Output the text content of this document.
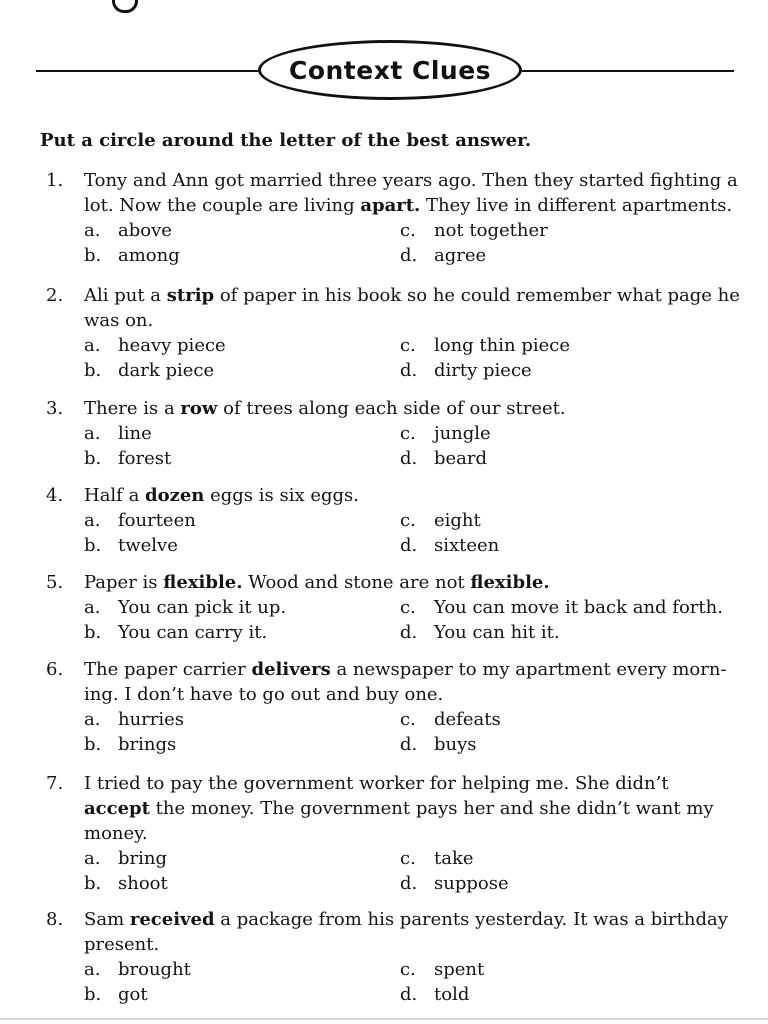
Context Clues
Put a circle around the letter of the best answer.
1. Tony and Ann got married three years ago. Then they started fighting a lot. Now the couple are living apart. They live in different apartments.
a. above	c.	not together
b. among	d. agree
2. Ali put a strip of paper in his book so he could remember what page he was on.
a. heavy piece	c.	long thin piece
b. dark piece	d. dirty piece
3. There is a row of trees along each side of our street.
a. line	c.	jungle
b. forest	d. beard
4. Half a dozen eggs is six eggs.
a. fourteen	c.	eight
b. twelve	d. sixteen
5. Paper is flexible. Wood and stone are not flexible.
a. You can pick it up.	c.	You can move it back and forth.
b. You can carry it.	d. You can hit it.
6. The paper carrier delivers a newspaper to my apartment every morn- ing. I don’t have to go out and buy one.
a. hurries	c.	defeats
b. brings	d. buys
7. I tried to pay the government worker for helping me. She didn’t accept the money. The government pays her and she didn’t want my money.
a. bring	c.	take
b. shoot	d. suppose
8. Sam received a package from his parents yesterday. It was a birthday present.
a. brought	c.	spent
b. got	d. told
